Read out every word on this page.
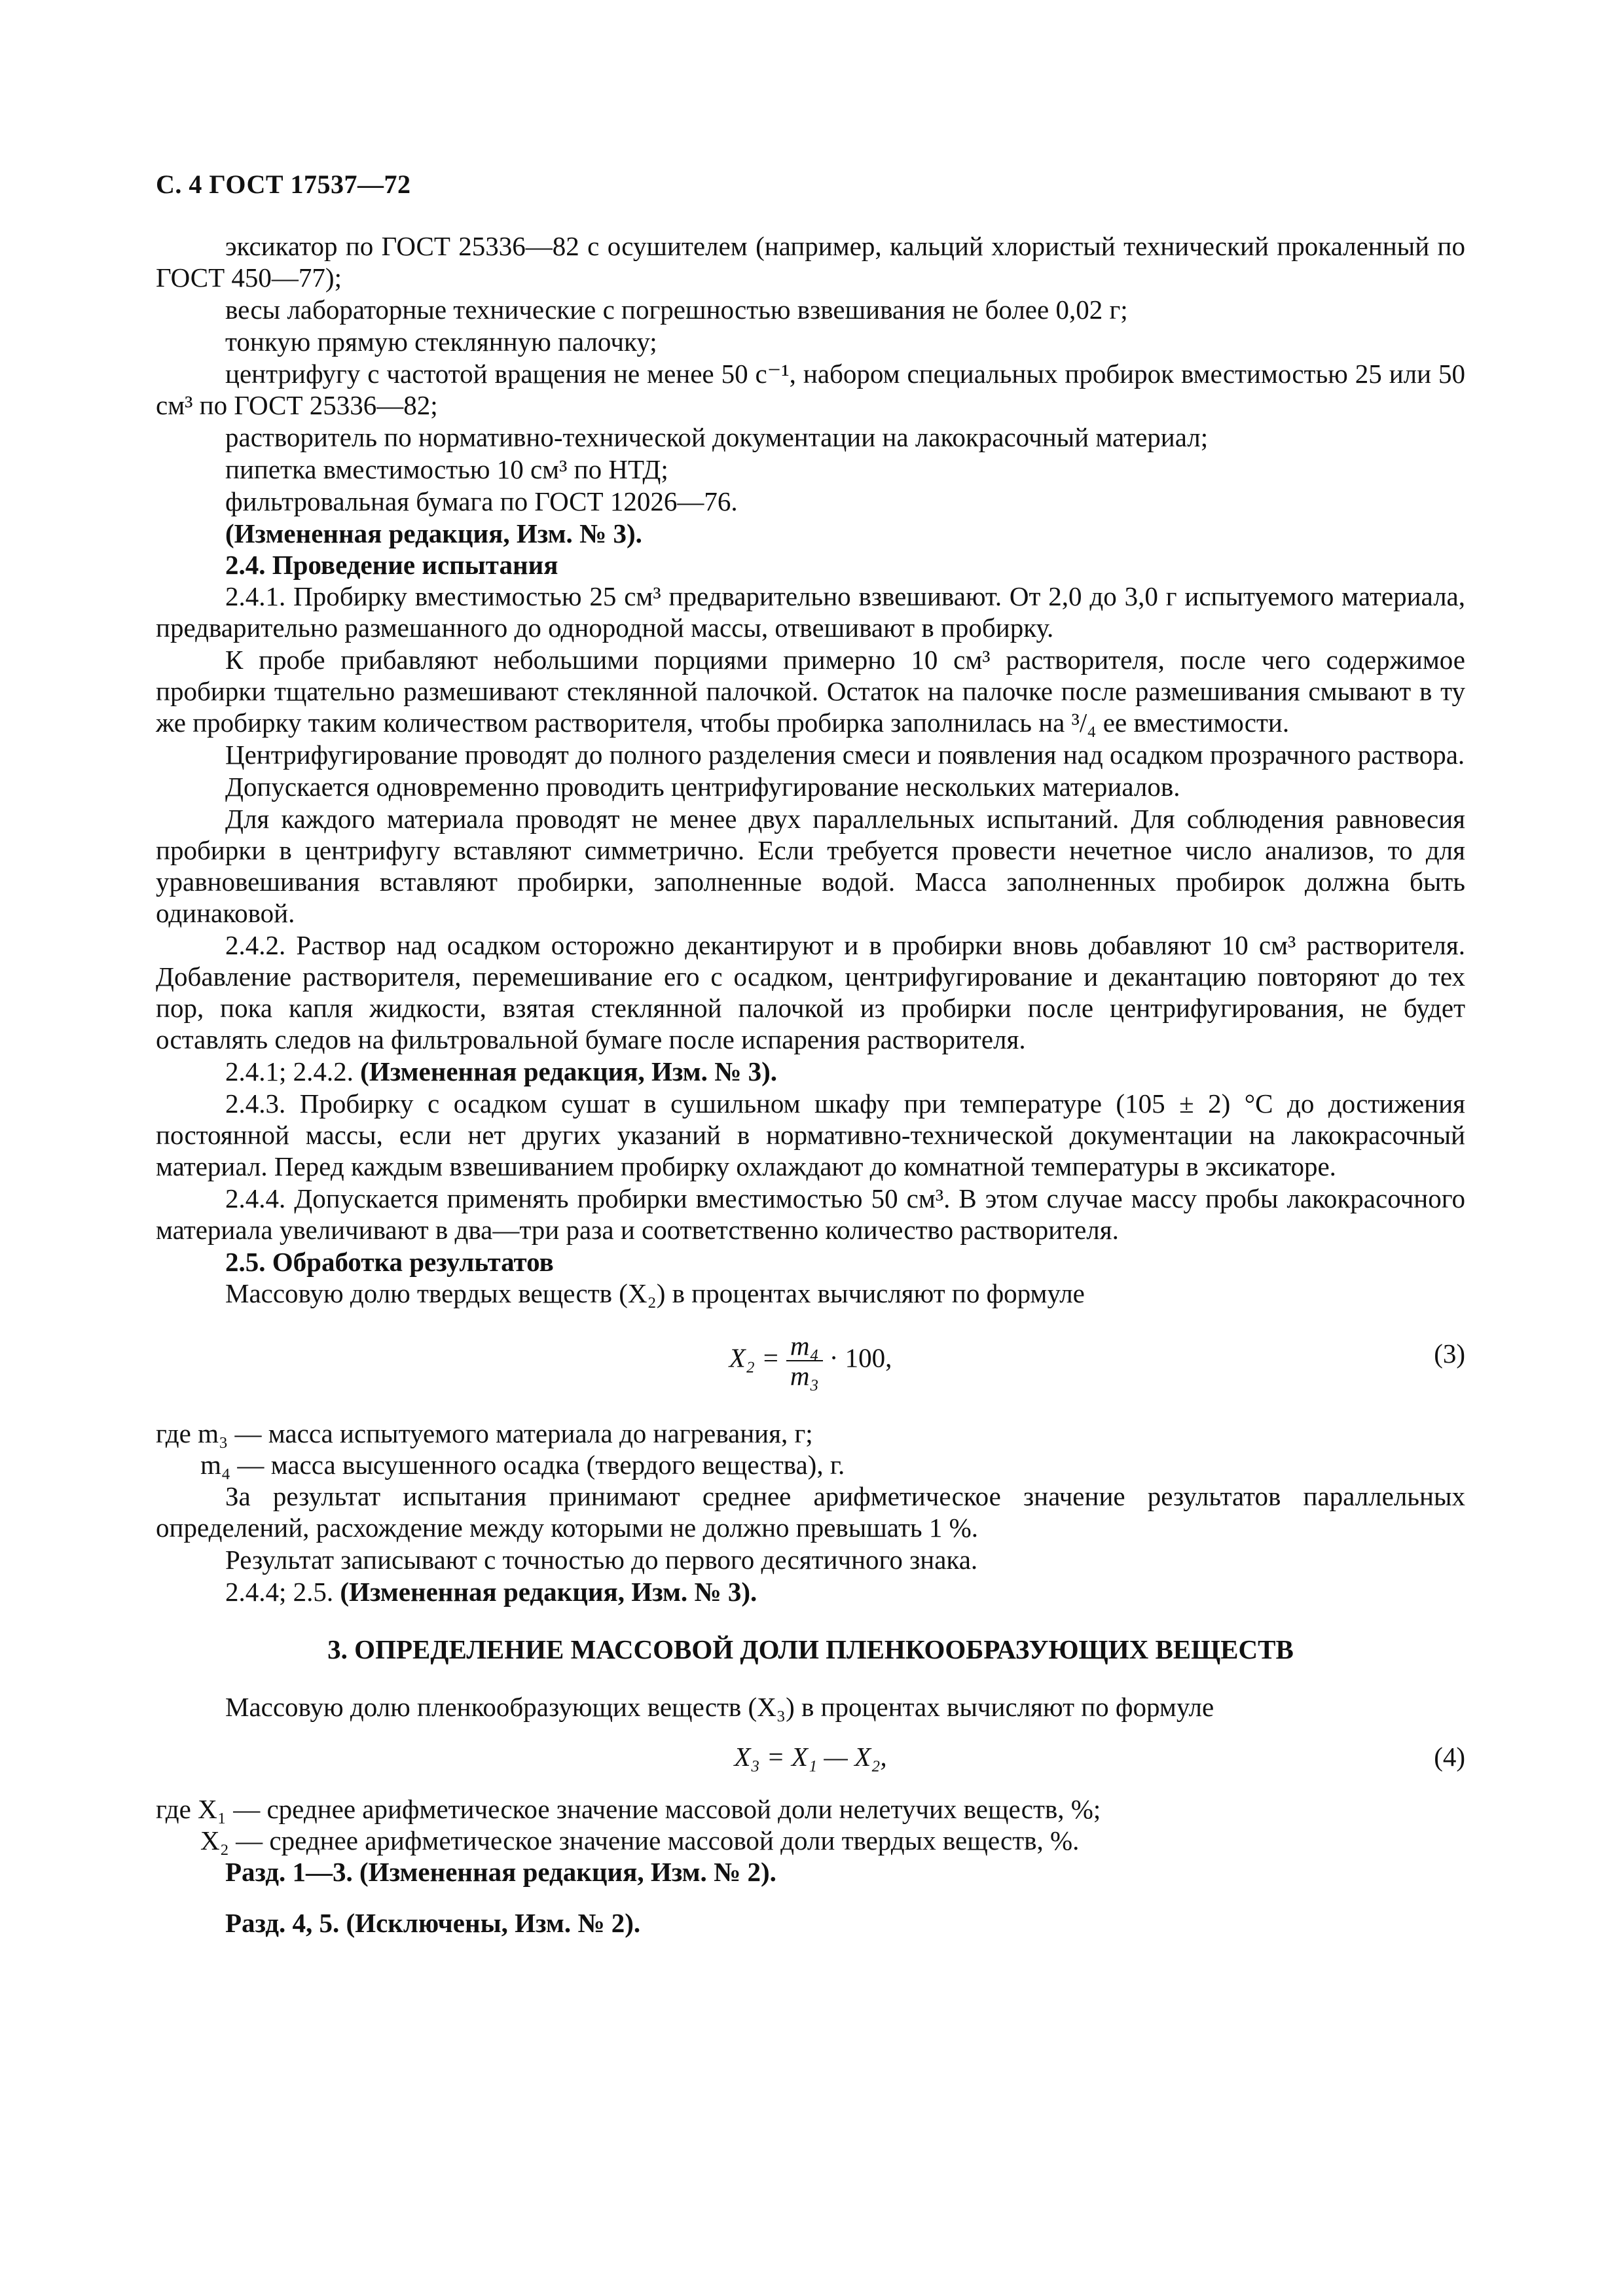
С. 4 ГОСТ 17537—72

эксикатор по ГОСТ 25336—82 с осушителем (например, кальций хлористый технический прокаленный по ГОСТ 450—77);

весы лабораторные технические с погрешностью взвешивания не более 0,02 г;

тонкую прямую стеклянную палочку;

центрифугу с частотой вращения не менее 50 с⁻¹, набором специальных пробирок вместимостью 25 или 50 см³ по ГОСТ 25336—82;

растворитель по нормативно-технической документации на лакокрасочный материал;

пипетка вместимостью 10 см³ по НТД;

фильтровальная бумага по ГОСТ 12026—76.

(Измененная редакция, Изм. № 3).

2.4. Проведение испытания

2.4.1. Пробирку вместимостью 25 см³ предварительно взвешивают. От 2,0 до 3,0 г испытуемого материала, предварительно размешанного до однородной массы, отвешивают в пробирку.

К пробе прибавляют небольшими порциями примерно 10 см³ растворителя, после чего содержимое пробирки тщательно размешивают стеклянной палочкой. Остаток на палочке после размешивания смывают в ту же пробирку таким количеством растворителя, чтобы пробирка заполнилась на ³/₄ ее вместимости.

Центрифугирование проводят до полного разделения смеси и появления над осадком прозрачного раствора.

Допускается одновременно проводить центрифугирование нескольких материалов.

Для каждого материала проводят не менее двух параллельных испытаний. Для соблюдения равновесия пробирки в центрифугу вставляют симметрично. Если требуется провести нечетное число анализов, то для уравновешивания вставляют пробирки, заполненные водой. Масса заполненных пробирок должна быть одинаковой.

2.4.2. Раствор над осадком осторожно декантируют и в пробирки вновь добавляют 10 см³ растворителя. Добавление растворителя, перемешивание его с осадком, центрифугирование и декантацию повторяют до тех пор, пока капля жидкости, взятая стеклянной палочкой из пробирки после центрифугирования, не будет оставлять следов на фильтровальной бумаге после испарения растворителя.

2.4.1; 2.4.2. (Измененная редакция, Изм. № 3).

2.4.3. Пробирку с осадком сушат в сушильном шкафу при температуре (105 ± 2) °С до достижения постоянной массы, если нет других указаний в нормативно-технической документации на лакокрасочный материал. Перед каждым взвешиванием пробирку охлаждают до комнатной температуры в эксикаторе.

2.4.4. Допускается применять пробирки вместимостью 50 см³. В этом случае массу пробы лакокрасочного материала увеличивают в два—три раза и соответственно количество растворителя.

2.5. Обработка результатов

Массовую долю твердых веществ (X₂) в процентах вычисляют по формуле

$X_2 = \frac{\text{m₄}}{\text{m₃}} \cdot 100$,	(3)

где m₃ — масса испытуемого материала до нагревания, г;

m₄ — масса высушенного осадка (твердого вещества), г.

За результат испытания принимают среднее арифметическое значение результатов параллельных определений, расхождение между которыми не должно превышать 1 %.

Результат записывают с точностью до первого десятичного знака.

2.4.4; 2.5. (Измененная редакция, Изм. № 3).

3. ОПРЕДЕЛЕНИЕ МАССОВОЙ ДОЛИ ПЛЕНКООБРАЗУЮЩИХ ВЕЩЕСТВ

Массовую долю пленкообразующих веществ (X₃) в процентах вычисляют по формуле

X₃ = X₁ — X₂,	(4)

где X₁ — среднее арифметическое значение массовой доли нелетучих веществ, %;

X₂ — среднее арифметическое значение массовой доли твердых веществ, %.

Разд. 1—3. (Измененная редакция, Изм. № 2).

Разд. 4, 5. (Исключены, Изм. № 2).
